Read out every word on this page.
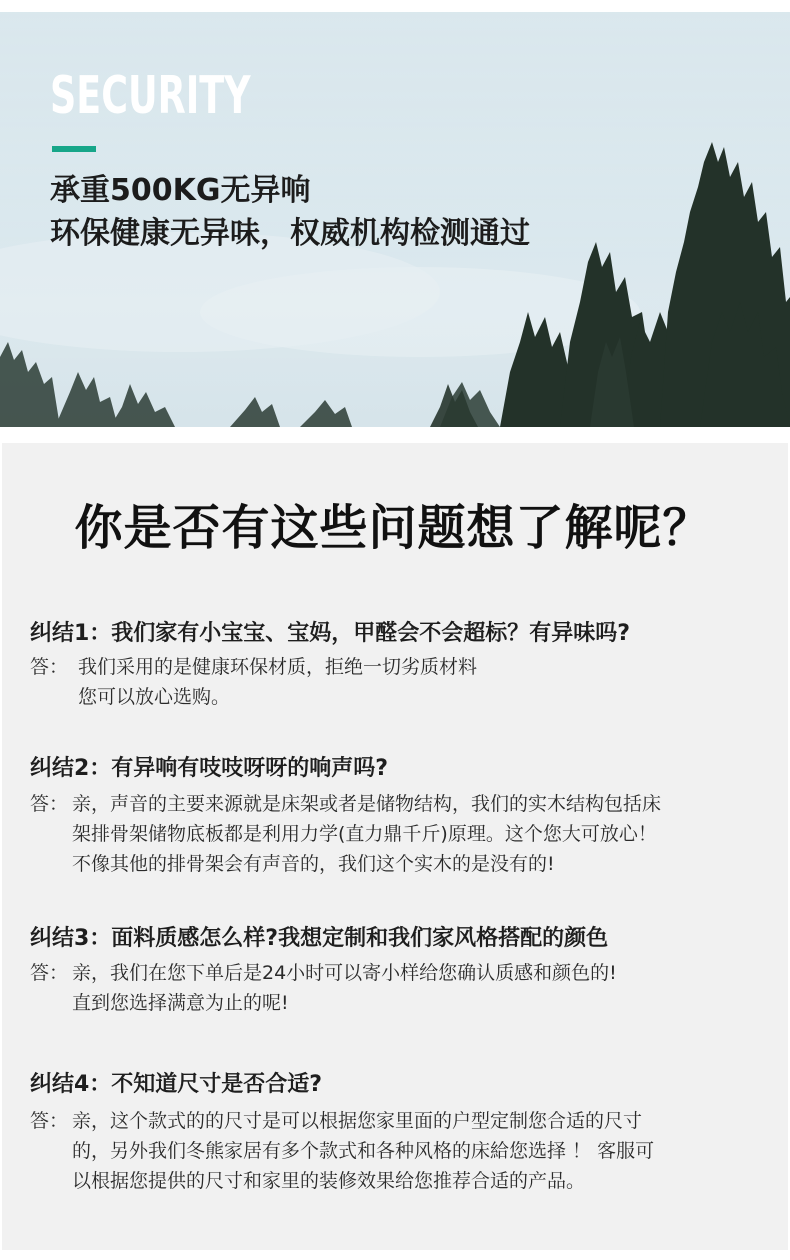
SECURITY

承重500KG无异响

环保健康无异味，权威机构检测通过

你是否有这些问题想了解呢？

纠结1：我们家有小宝宝、宝妈，甲醛会不会超标？有异味吗?

答： 我们采用的是健康环保材质，拒绝一切劣质材料
您可以放心选购。

纠结2：有异响有吱吱呀呀的响声吗?

答： 亲，声音的主要来源就是床架或者是储物结构，我们的实木结构包括床
架排骨架储物底板都是利用力学(直力鼎千斤)原理。这个您大可放心！
不像其他的排骨架会有声音的，我们这个实木的是没有的!

纠结3：面料质感怎么样?我想定制和我们家风格搭配的颜色

答： 亲，我们在您下单后是24小时可以寄小样给您确认质感和颜色的!
直到您选择满意为止的呢!

纠结4：不知道尺寸是否合适?

答： 亲，这个款式的的尺寸是可以根据您家里面的户型定制您合适的尺寸
的，另外我们冬熊家居有多个款式和各种风格的床給您选择 ！ 客服可
以根据您提供的尺寸和家里的装修效果给您推荐合适的产品。
